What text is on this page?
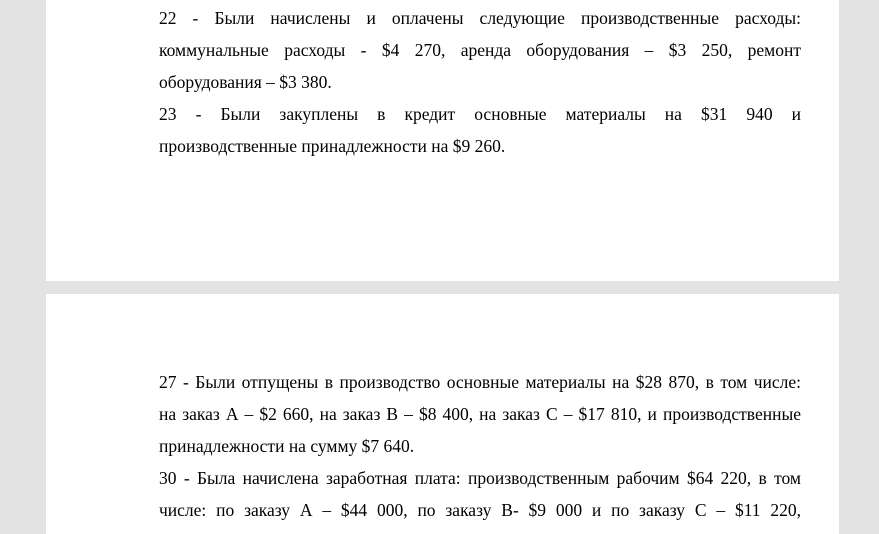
22 - Были начислены и оплачены следующие производственные расходы:
коммунальные расходы - $4 270, аренда оборудования – $3 250, ремонт
оборудования – $3 380.
23 - Были закуплены в кредит основные материалы на $31 940 и
производственные принадлежности на $9 260.
27 - Были отпущены в производство основные материалы на $28 870, в том числе:
на заказ А – $2 660, на заказ В – $8 400, на заказ С – $17 810, и производственные
принадлежности на сумму $7 640.
30 - Была начислена заработная плата: производственным рабочим $64 220, в том
числе: по заказу А – $44 000, по заказу В- $9 000 и по заказу С – $11 220,
